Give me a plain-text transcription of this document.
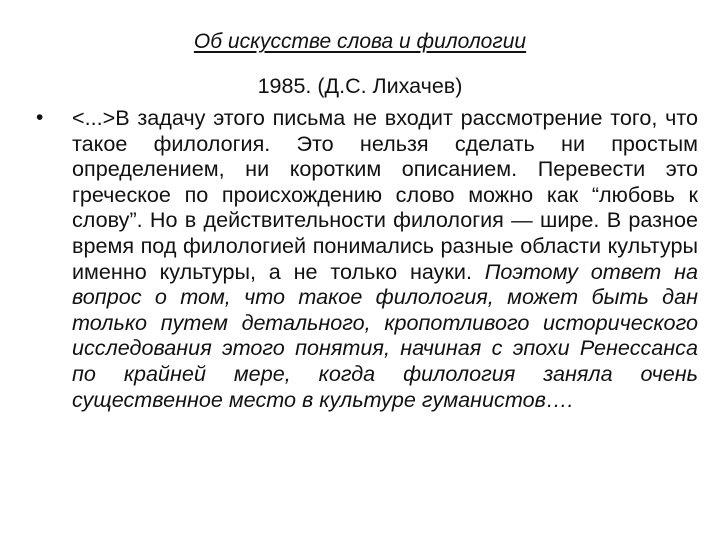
Об искусстве слова и филологии
1985. (Д.С. Лихачев)
• <...>В задачу этого письма не входит рассмотрение того, что такое филология. Это нельзя сделать ни простым определением, ни коротким описанием. Перевести это греческое по происхождению слово можно как “любовь к слову”. Но в действительности филология — шире. В разное время под филологией понимались разные области культуры именно культуры, а не только науки. Поэтому ответ на вопрос о том, что такое филология, может быть дан только путем детального, кропотливого исторического исследования этого понятия, начиная с эпохи Ренессанса по крайней мере, когда филология заняла очень существенное место в культуре гуманистов….
